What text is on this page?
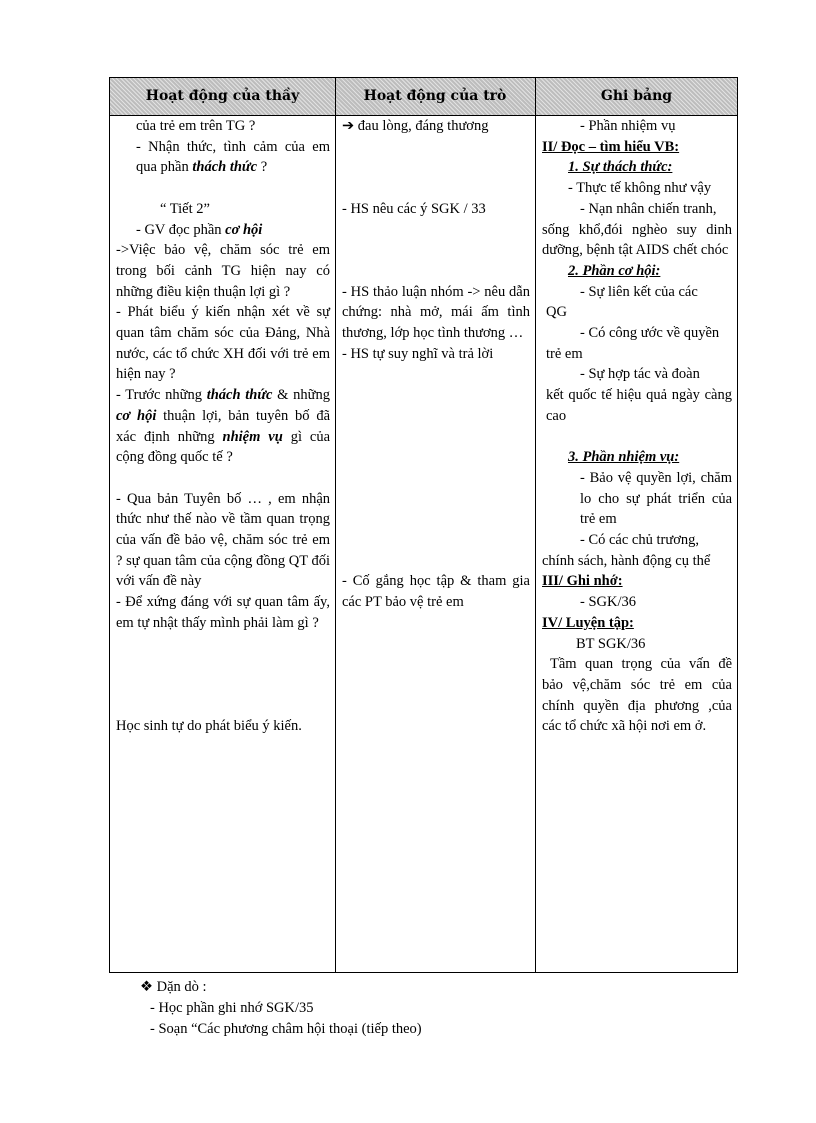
Hoạt động của thầy	Hoạt động của trò	Ghi bảng

của trẻ em trên TG ?

- Nhận thức, tình cảm của em qua phần thách thức ?

“ Tiết 2”

- GV đọc phần cơ hội

->Việc bảo vệ, chăm sóc trẻ em trong bối cảnh TG hiện nay có những điều kiện thuận lợi gì ?

- Phát biểu ý kiến nhận xét về sự quan tâm chăm sóc của Đảng, Nhà nước, các tổ chức XH đối với trẻ em hiện nay ?

- Trước những thách thức & những cơ hội thuận lợi, bản tuyên bố đã xác định những nhiệm vụ gì của cộng đồng quốc tế ?

- Qua bản Tuyên bố … , em nhận thức như thế nào về tầm quan trọng của vấn đề bảo vệ, chăm sóc trẻ em ? sự quan tâm của cộng đồng QT đối với vấn đề này

- Để xứng đáng với sự quan tâm ấy, em tự nhật thấy mình phải làm gì ?

Học sinh tự do phát biểu ý kiến.

➔ đau lòng, đáng thương

- HS nêu các ý SGK / 33

- HS thảo luận nhóm -> nêu dẫn chứng: nhà mở, mái ấm tình thương, lớp học tình thương …

- HS tự suy nghĩ và trả lời

- Cố gắng học tập & tham gia các PT bảo vệ trẻ em

- Phần nhiệm vụ

II/ Đọc – tìm hiểu VB:

1. Sự thách thức:

- Thực tế không như vậy

- Nạn nhân chiến tranh,

sống khổ,đói nghèo suy dinh dưỡng, bệnh tật AIDS chết chóc

2. Phần cơ hội:

- Sự liên kết của các

QG

- Có công ước về quyền

trẻ em

- Sự hợp tác và đoàn

kết quốc tế hiệu quả ngày càng cao

3. Phần nhiệm vụ:

- Bảo vệ quyền lợi, chăm lo cho sự phát triển của trẻ em

- Có các chủ trương,

chính sách, hành động cụ thể

III/ Ghi nhớ:

- SGK/36

IV/ Luyện tập:

BT SGK/36

Tầm quan trọng của vấn đề bảo vệ,chăm sóc trẻ em của chính quyền địa phương ,của các tổ chức xã hội nơi em ở.

❖ Dặn dò :

- Học phần ghi nhớ SGK/35

- Soạn “Các phương châm hội thoại (tiếp theo)
